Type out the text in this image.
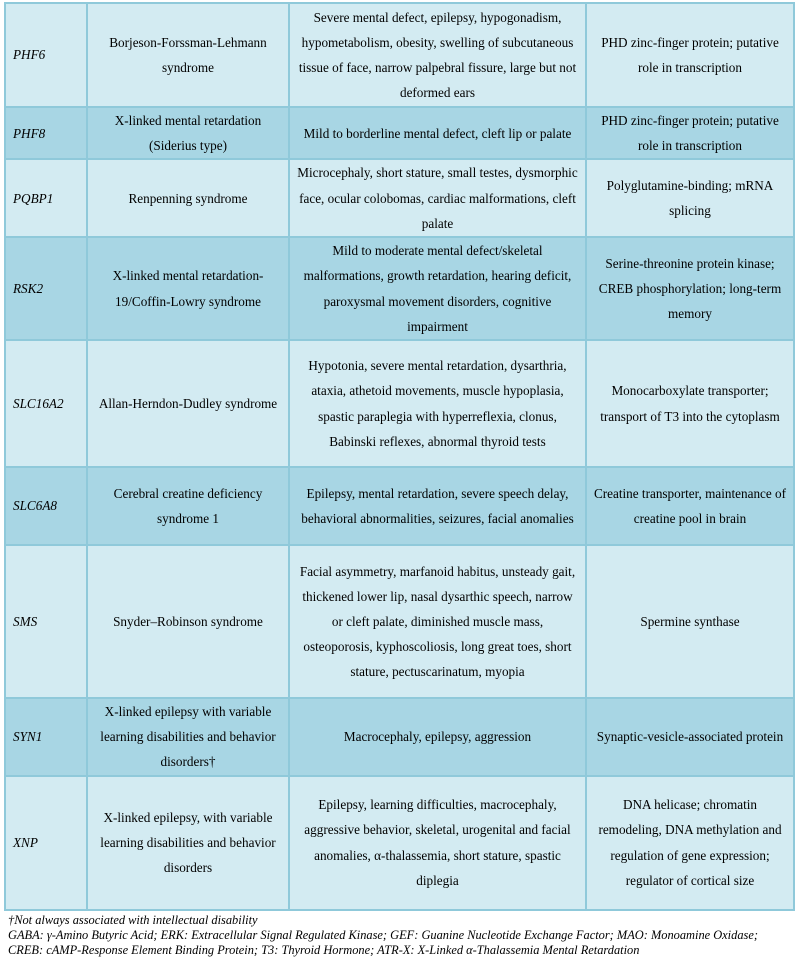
PHF6	Borjeson-Forssman-Lehmann syndrome	Severe mental defect, epilepsy, hypogonadism, hypometabolism, obesity, swelling of subcutaneous tissue of face, narrow palpebral fissure, large but not deformed ears	PHD zinc-finger protein; putative role in transcription
PHF8	X-linked mental retardation (Siderius type)	Mild to borderline mental defect, cleft lip or palate	PHD zinc-finger protein; putative role in transcription
PQBP1	Renpenning syndrome	Microcephaly, short stature, small testes, dysmorphic face, ocular colobomas, cardiac malformations, cleft palate	Polyglutamine-binding; mRNA splicing
RSK2	X-linked mental retardation-19/Coffin-Lowry syndrome	Mild to moderate mental defect/skeletal malformations, growth retardation, hearing deficit, paroxysmal movement disorders, cognitive impairment	Serine-threonine protein kinase; CREB phosphorylation; long-term memory
SLC16A2	Allan-Herndon-Dudley syndrome	Hypotonia, severe mental retardation, dysarthria, ataxia, athetoid movements, muscle hypoplasia, spastic paraplegia with hyperreflexia, clonus, Babinski reflexes, abnormal thyroid tests	Monocarboxylate transporter; transport of T3 into the cytoplasm
SLC6A8	Cerebral creatine deficiency syndrome 1	Epilepsy, mental retardation, severe speech delay, behavioral abnormalities, seizures, facial anomalies	Creatine transporter, maintenance of creatine pool in brain
SMS	Snyder–Robinson syndrome	Facial asymmetry, marfanoid habitus, unsteady gait, thickened lower lip, nasal dysarthic speech, narrow or cleft palate, diminished muscle mass, osteoporosis, kyphoscoliosis, long great toes, short stature, pectuscarinatum, myopia	Spermine synthase
SYN1	X-linked epilepsy with variable learning disabilities and behavior disorders†	Macrocephaly, epilepsy, aggression	Synaptic-vesicle-associated protein
XNP	X-linked epilepsy, with variable learning disabilities and behavior disorders	Epilepsy, learning difficulties, macrocephaly, aggressive behavior, skeletal, urogenital and facial anomalies, α-thalassemia, short stature, spastic diplegia	DNA helicase; chromatin remodeling, DNA methylation and regulation of gene expression; regulator of cortical size
†Not always associated with intellectual disability
GABA: γ-Amino Butyric Acid; ERK: Extracellular Signal Regulated Kinase; GEF: Guanine Nucleotide Exchange Factor; MAO: Monoamine Oxidase; CREB: cAMP-Response Element Binding Protein; T3: Thyroid Hormone; ATR-X: X-Linked α-Thalassemia Mental Retardation
